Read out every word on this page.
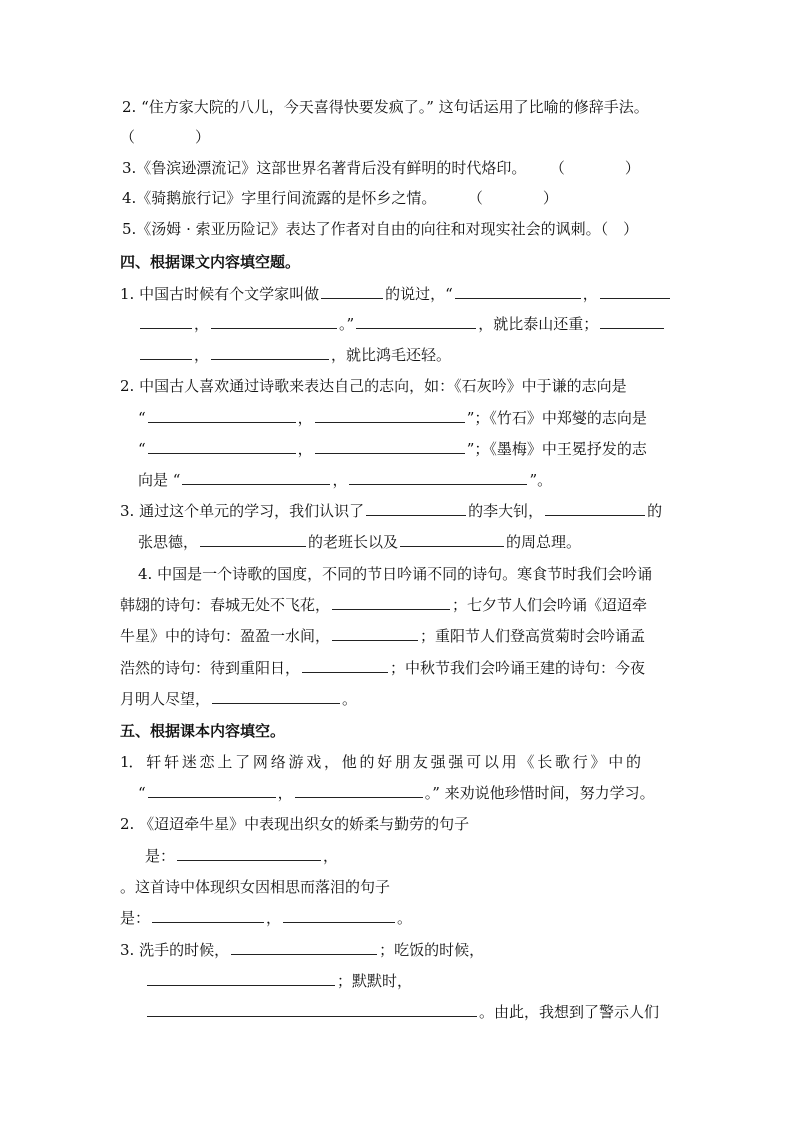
2. “住方家大院的八儿，今天喜得快要发疯了。” 这句话运用了比喻的修辞手法。
（　　　　）
3.《鲁滨逊漂流记》这部世界名著背后没有鲜明的时代烙印。 （　　　　）
4.《骑鹅旅行记》字里行间流露的是怀乡之情。 （　　　　）
5.《汤姆 · 索亚历险记》表达了作者对自由的向往和对现实社会的讽刺。（　）
四、根据课文内容填空题。
1. 中国古时候有个文学家叫做	的说过，“	，
，	。”	，就比泰山还重；
，	，就比鸿毛还轻。
2. 中国古人喜欢通过诗歌来表达自己的志向，如：《石灰吟》中于谦的志向是
“	，	”；《竹石》中郑燮的志向是
“	，	”；《墨梅》中王冕抒发的志
向是 “	，	”。
3. 通过这个单元的学习，我们认识了	的李大钊，	的
张思德，	的老班长以及	的周总理。
4. 中国是一个诗歌的国度，不同的节日吟诵不同的诗句。寒食节时我们会吟诵
韩翃的诗句：春城无处不飞花，	；七夕节人们会吟诵《迢迢牵
牛星》中的诗句：盈盈一水间，	；重阳节人们登高赏菊时会吟诵孟
浩然的诗句：待到重阳日，	；中秋节我们会吟诵王建的诗句：今夜
月明人尽望，	。
五、根据课本内容填空。
1． 轩 轩 迷 恋 上 了 网 络 游 戏 ， 他 的 好 朋 友 强 强 可 以 用 《 长 歌 行 》 中 的
“	，	。” 来劝说他珍惜时间，努力学习。
2. 《迢迢牵牛星》中表现出织女的娇柔与勤劳的句子
是：	，
。这首诗中体现织女因相思而落泪的句子
是：	，	。
3. 洗手的时候，	；吃饭的时候，
；默默时，
。由此，我想到了警示人们
